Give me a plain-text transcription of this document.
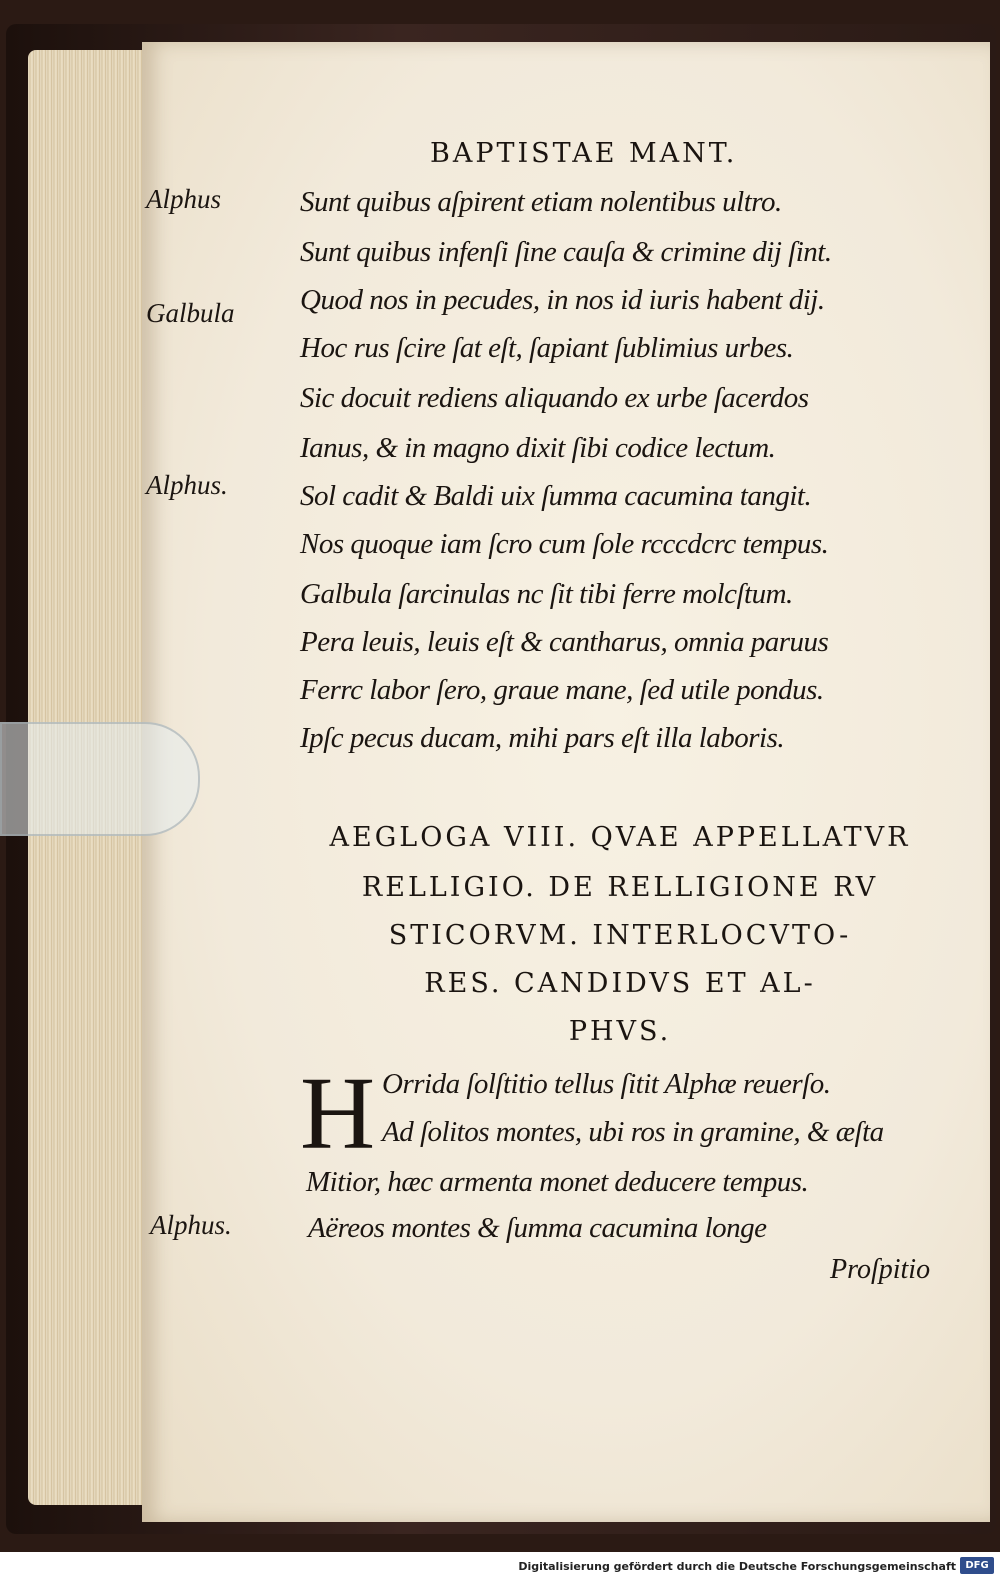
BAPTISTAE MANT.
Alphus	Sunt quibus aſpirent etiam nolentibus ultro.
Sunt quibus infenſi ſine cauſa & crimine dij ſint.
Galbula Quod nos in pecudes, in nos id iuris habent dij.
Hoc rus ſcire ſat eſt, ſapiant ſublimius urbes.
Sic docuit rediens aliquando ex urbe ſacerdos
Ianus, & in magno dixit ſibi codice lectum.
Alphus. Sol cadit & Baldi uix ſumma cacumina tangit.
Nos quoque iam ſcro cum ſole rcccdcrc tempus.
Galbula ſarcinulas nc ſit tibi ferre molcſtum.
Pera leuis, leuis eſt & cantharus, omnia paruus
Ferrc labor ſero, graue mane, ſed utile pondus.
Ipſc pecus ducam, mihi pars eſt illa laboris.
AEGLOGA VIII. QVAE APPELLATVR
RELLIGIO. DE RELLIGIONE RV
STICORVM. INTERLOCVTO-
RES. CANDIDVS ET AL-
PHVS.
H Orrida ſolſtitio tellus ſitit Alphæ reuerſo.
Ad ſolitos montes, ubi ros in gramine, & æſta
Mitior, hæc armenta monet deducere tempus.
Alphus.	Aëreos montes & ſumma cacumina longe
Proſpitio
Digitalisierung gefördert durch die Deutsche Forschungsgemeinschaft DFG
